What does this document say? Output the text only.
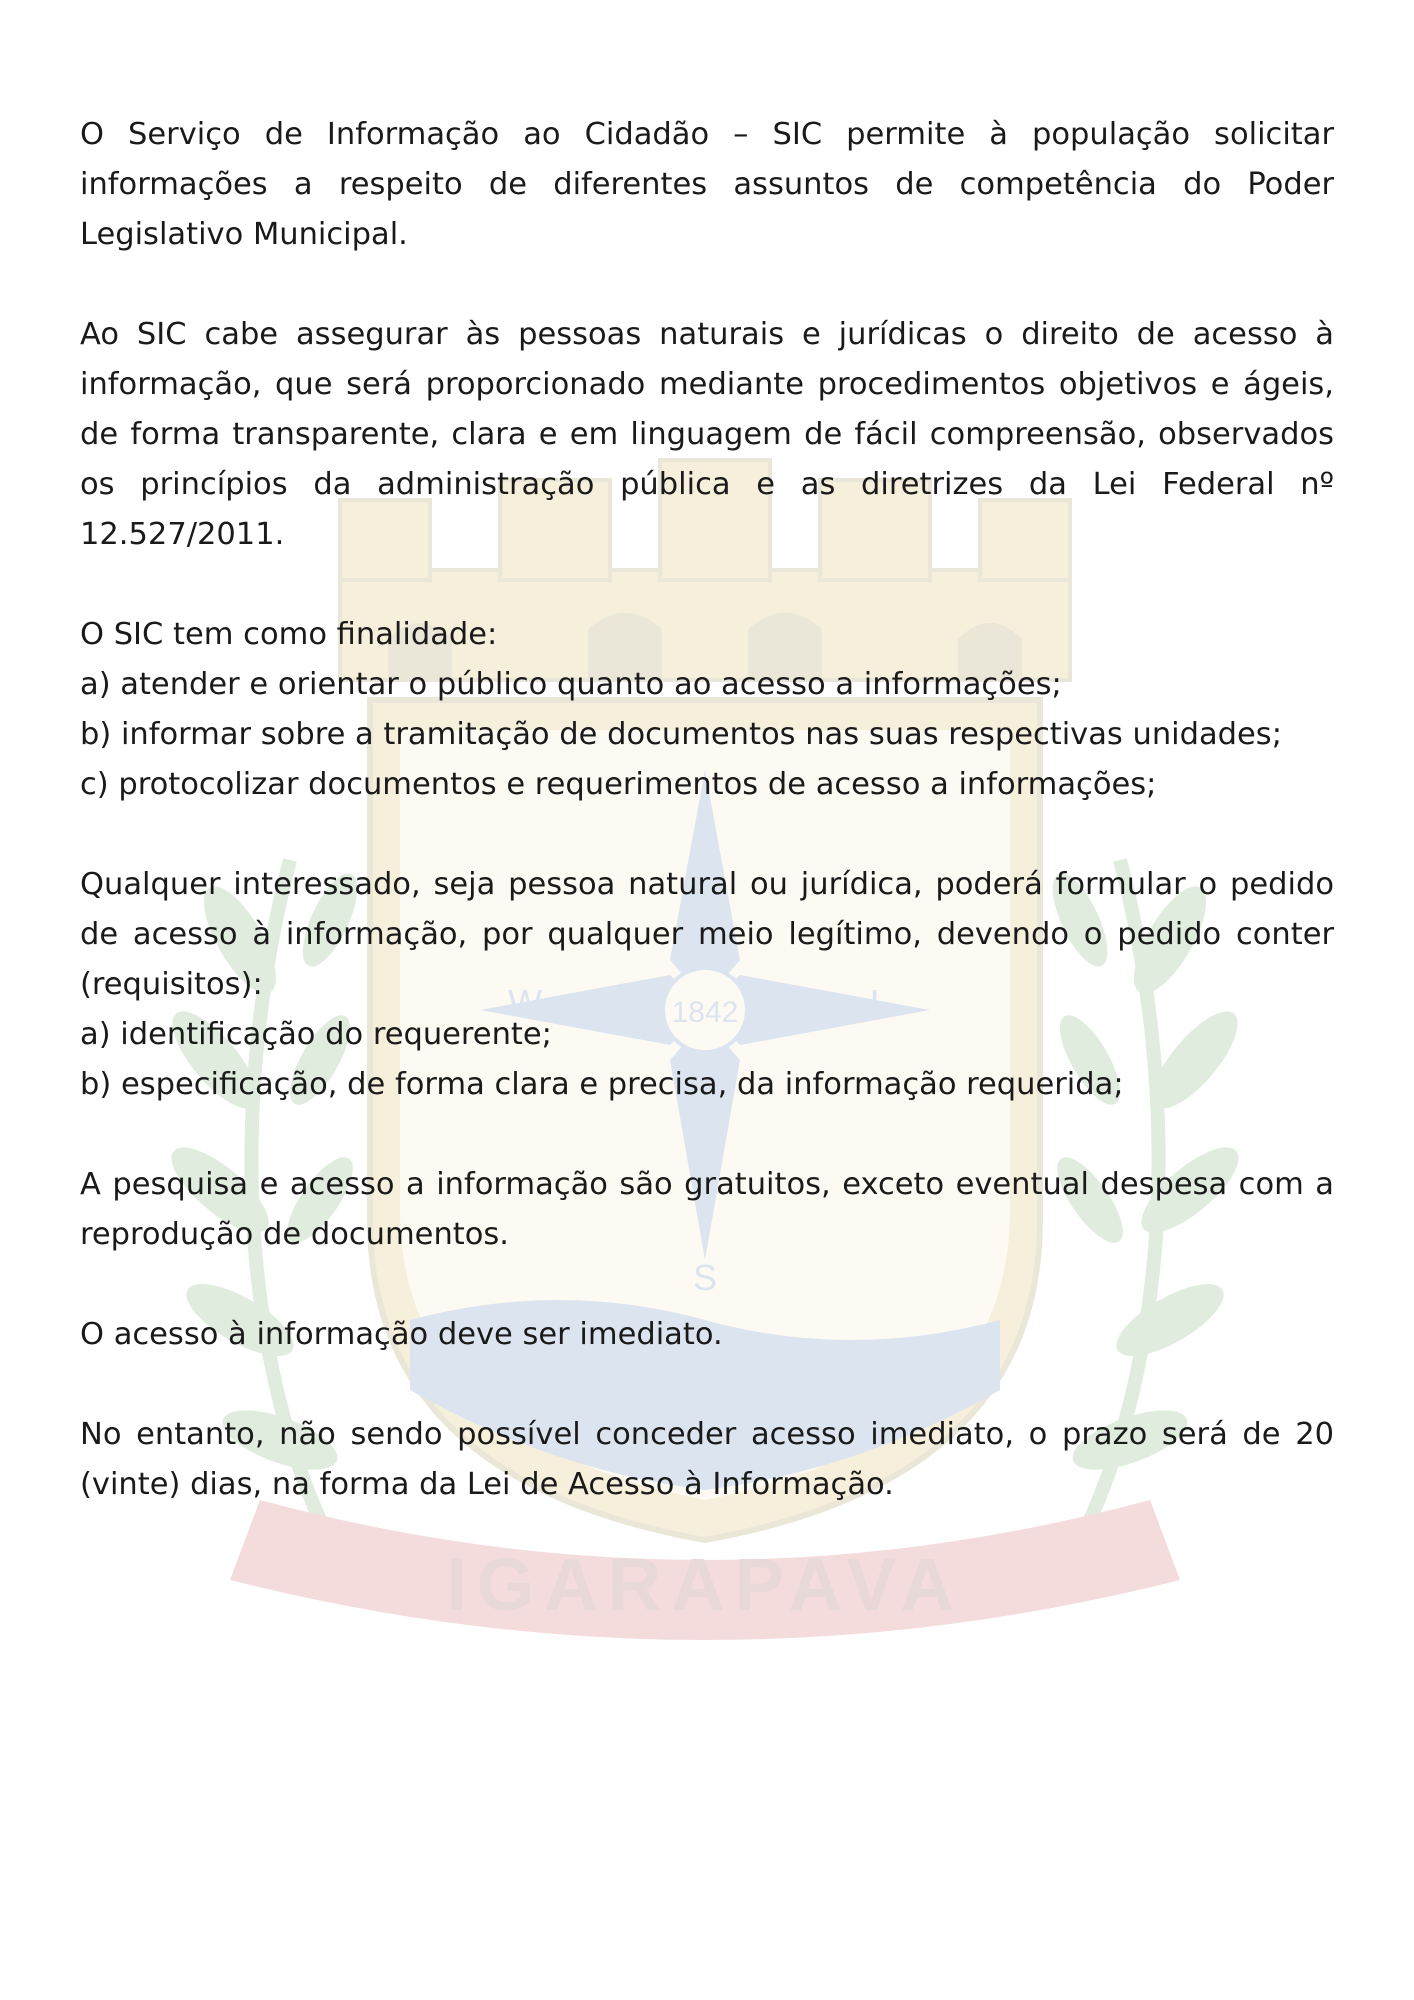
1842
W	L
S
IGARAPAVA

O Serviço de Informação ao Cidadão – SIC permite à população solicitar informações a respeito de diferentes assuntos de competência do Poder Legislativo Municipal.

Ao SIC cabe assegurar às pessoas naturais e jurídicas o direito de acesso à informação, que será proporcionado mediante procedimentos objetivos e ágeis, de forma transparente, clara e em linguagem de fácil compreensão, observados os princípios da administração pública e as diretrizes da Lei Federal nº 12.527/2011.

O SIC tem como finalidade:

a) atender e orientar o público quanto ao acesso a informações;

b) informar sobre a tramitação de documentos nas suas respectivas unidades;

c) protocolizar documentos e requerimentos de acesso a informações;

Qualquer interessado, seja pessoa natural ou jurídica, poderá formular o pedido de acesso à informação, por qualquer meio legítimo, devendo o pedido conter (requisitos):

a) identificação do requerente;

b) especificação, de forma clara e precisa, da informação requerida;

A pesquisa e acesso a informação são gratuitos, exceto eventual despesa com a reprodução de documentos.

O acesso à informação deve ser imediato.

No entanto, não sendo possível conceder acesso imediato, o prazo será de 20 (vinte) dias, na forma da Lei de Acesso à Informação.
